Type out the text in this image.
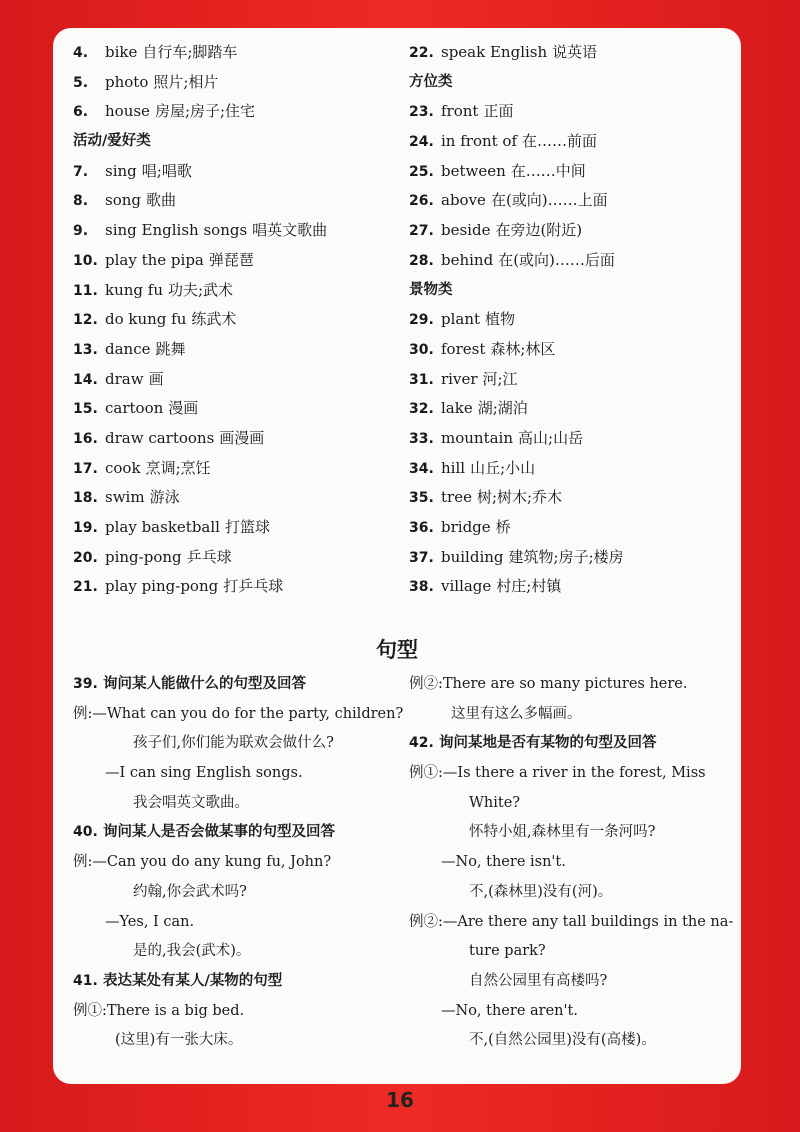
4. bike 自行车;脚踏车
5. photo 照片;相片
6. house 房屋;房子;住宅
活动/爱好类
7. sing 唱;唱歌
8. song 歌曲
9. sing English songs 唱英文歌曲
10. play the pipa 弹琵琶
11. kung fu 功夫;武术
12. do kung fu 练武术
13. dance 跳舞
14. draw 画
15. cartoon 漫画
16. draw cartoons 画漫画
17. cook 烹调;烹饪
18. swim 游泳
19. play basketball 打篮球
20. ping-pong 乒乓球
21. play ping-pong 打乒乓球
22. speak English 说英语
方位类
23. front 正面
24. in front of 在……前面
25. between 在……中间
26. above 在(或向)……上面
27. beside 在旁边(附近)
28. behind 在(或向)……后面
景物类
29. plant 植物
30. forest 森林;林区
31. river 河;江
32. lake 湖;湖泊
33. mountain 高山;山岳
34. hill 山丘;小山
35. tree 树;树木;乔木
36. bridge 桥
37. building 建筑物;房子;楼房
38. village 村庄;村镇
句型
39. 询问某人能做什么的句型及回答
例:—What can you do for the party, children?
孩子们,你们能为联欢会做什么?
—I can sing English songs.
我会唱英文歌曲。
40. 询问某人是否会做某事的句型及回答
例:—Can you do any kung fu, John?
约翰,你会武术吗?
—Yes, I can.
是的,我会(武术)。
41. 表达某处有某人/某物的句型
例①:There is a big bed.
(这里)有一张大床。
例②:There are so many pictures here.
这里有这么多幅画。
42. 询问某地是否有某物的句型及回答
例①:—Is there a river in the forest, Miss
White?
怀特小姐,森林里有一条河吗?
—No, there isn't.
不,(森林里)没有(河)。
例②:—Are there any tall buildings in the na-
ture park?
自然公园里有高楼吗?
—No, there aren't.
不,(自然公园里)没有(高楼)。
16
